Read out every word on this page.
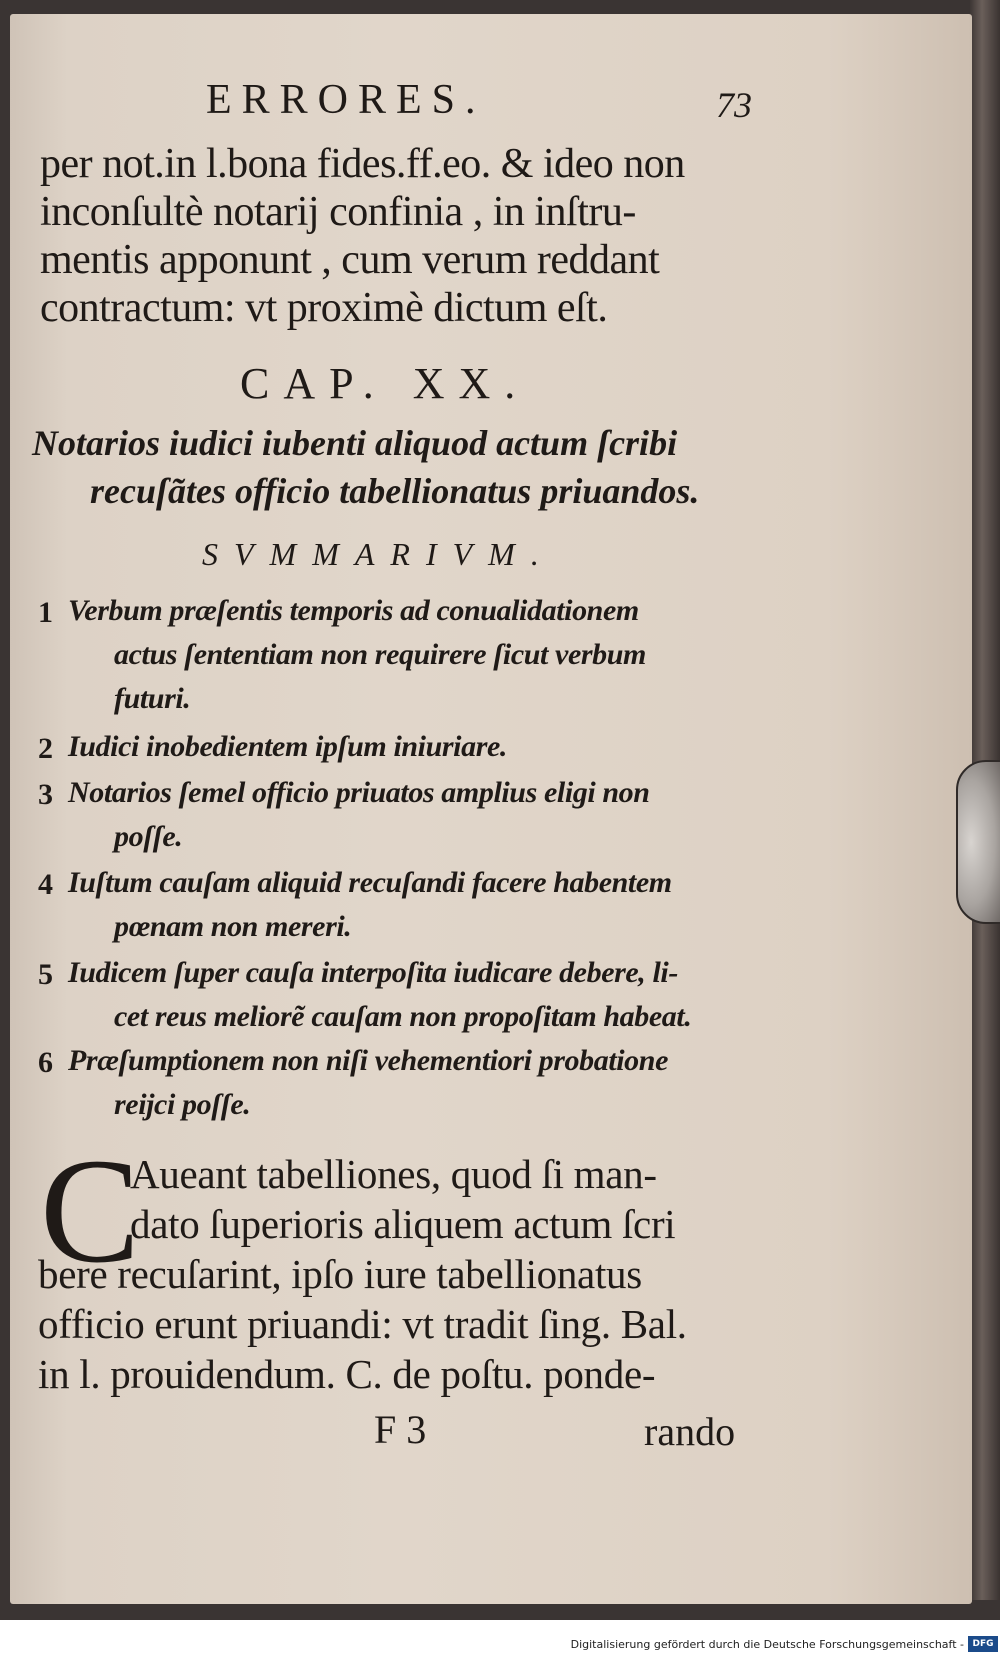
ERRORES.	73
per not.in l.bona fides.ff.eo. & ideo non
inconſultè notarij confinia , in inſtru-
mentis apponunt , cum verum reddant
contractum: vt proximè dictum eſt.
CAP. XX.
Notarios iudici iubenti aliquod actum ſcribi
recuſãtes officio tabellionatus priuandos.
SVMMARIVM.
1 Verbum præſentis temporis ad conualidationem
actus ſententiam non requirere ſicut verbum
futuri.
2 Iudici inobedientem ipſum iniuriare.
3 Notarios ſemel officio priuatos amplius eligi non
poſſe.
4 Iuſtum cauſam aliquid recuſandi facere habentem
pœnam non mereri.
5 Iudicem ſuper cauſa interpoſita iudicare debere, li-
cet reus meliorẽ cauſam non propoſitam habeat.
6 Præſumptionem non niſi vehementiori probatione
reijci poſſe.
C
Aueant tabelliones, quod ſi man-
dato ſuperioris aliquem actum ſcri
bere recuſarint, ipſo iure tabellionatus
officio erunt priuandi: vt tradit ſing. Bal.
in l. prouidendum. C. de poſtu. ponde-
F 3	rando
Digitalisierung gefördert durch die Deutsche Forschungsgemeinschaft - DFG
